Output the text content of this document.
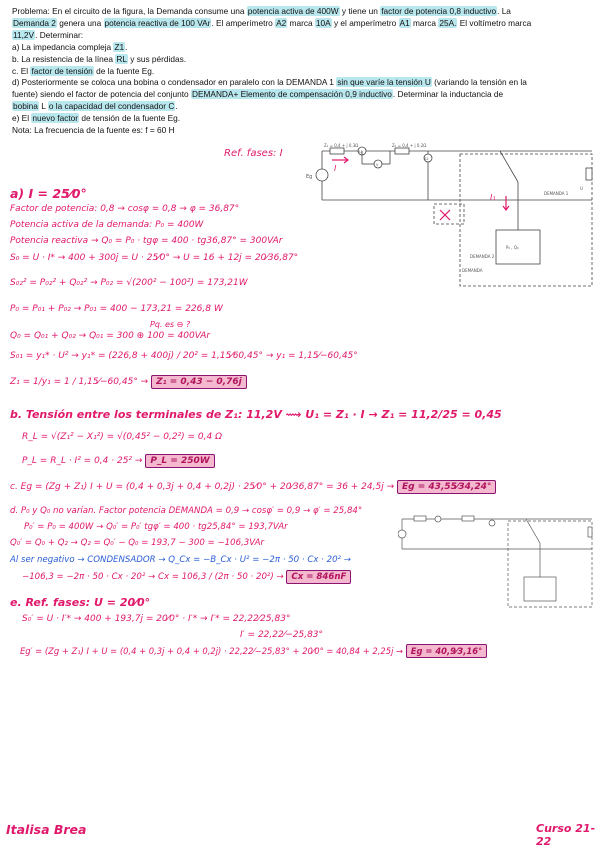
Problema: En el circuito de la figura, la Demanda consume una potencia activa de 400W y tiene un factor de potencia 0,8 inductivo. La

Demanda 2 genera una potencia reactiva de 100 VAr. El amperímetro A2 marca 10A y el amperímetro A1 marca 25A. El voltímetro marca

11,2V. Determinar:

a) La impedancia compleja Z1.

b. La resistencia de la línea RL y sus pérdidas.

c. El factor de tensión de la fuente Eg.

d) Posteriormente se coloca una bobina o condensador en paralelo con la DEMANDA 1 sin que varíe la tensión U (variando la tensión en la
fuente) siendo el factor de potencia del conjunto DEMANDA+ Elemento de compensación 0,9 inductivo. Determinar la inductancia de
bobina L o la capacidad del condensador C.

e) El nuevo factor de tensión de la fuente Eg.

Nota: La frecuencia de la fuente es: f = 60 H

Ref. fases: I
Z₁ = 0,4 + j 0,3Ω	Z₁ = 0,4 + j 0,2Ω
Eg
I
I₁
A1
A2
V
U
DEMANDA 1
DEMANDA 2
DEMANDA
P₀ , Q₀
a) I = 25⁄0°
Factor de potencia: 0,8 → cosφ = 0,8 → φ = 36,87°
Potencia activa de la demanda: P₀ = 400W
Potencia reactiva → Q₀ = P₀ · tgφ = 400 · tg36,87° = 300VAr
S₀ = U · I* → 400 + 300j = U · 25⁄0° → U = 16 + 12j = 20⁄36,87°
S₀₂² = P₀₂² + Q₀₂² → P₀₂ = √(200² − 100²) = 173,21W
P₀ = P₀₁ + P₀₂ → P₀₁ = 400 − 173,21 = 226,8 W
Pq. es ⊖ ?
Q₀ = Q₀₁ + Q₀₂ → Q₀₁ = 300 ⊕ 100 = 400VAr
S₀₁ = y₁* · U² → y₁* = (226,8 + 400j) / 20² = 1,15⁄60,45° → y₁ = 1,15⁄−60,45°
Z₁ = 1/y₁ = 1 / 1,15⁄−60,45° → Z₁ = 0,43 − 0,76j
b. Tensión entre los terminales de Z₁: 11,2V ⟿ U₁ = Z₁ · I → Z₁ = 11,2/25 = 0,45
R_L = √(Z₁² − X₁²) = √(0,45² − 0,2²) = 0,4 Ω
P_L = R_L · I² = 0,4 · 25² → P_L = 250W
c. Eg = (Zg + Z₁) I + U = (0,4 + 0,3j + 0,4 + 0,2j) · 25⁄0° + 20⁄36,87° = 36 + 24,5j → Eg = 43,55⁄34,24°
d. P₀ y Q₀ no varían. Factor potencia DEMANDA = 0,9 → cosφ′ = 0,9 → φ′ = 25,84°
P₀′ = P₀ = 400W → Q₀′ = P₀′ tgφ′ = 400 · tg25,84° = 193,7VAr
Q₀′ = Q₀ + Q₂ → Q₂ = Q₀′ − Q₀ = 193,7 − 300 = −106,3VAr
Al ser negativo → CONDENSADOR → Q_Cx = −B_Cx · U² = −2π · 50 · Cx · 20² →
−106,3 = −2π · 50 · Cx · 20² → Cx = 106,3 / (2π · 50 · 20²) → Cx = 846nF
e. Ref. fases: U = 20⁄0°
S₀′ = U · I′* → 400 + 193,7j = 20⁄0° · I′* → I′* = 22,22⁄25,83°
I′ = 22,22⁄−25,83°
Eg′ = (Zg + Z₁) I + U = (0,4 + 0,3j + 0,4 + 0,2j) · 22,22⁄−25,83° + 20⁄0° = 40,84 + 2,25j → Eg = 40,9⁄3,16°
Italisa Brea	Curso 21-22
